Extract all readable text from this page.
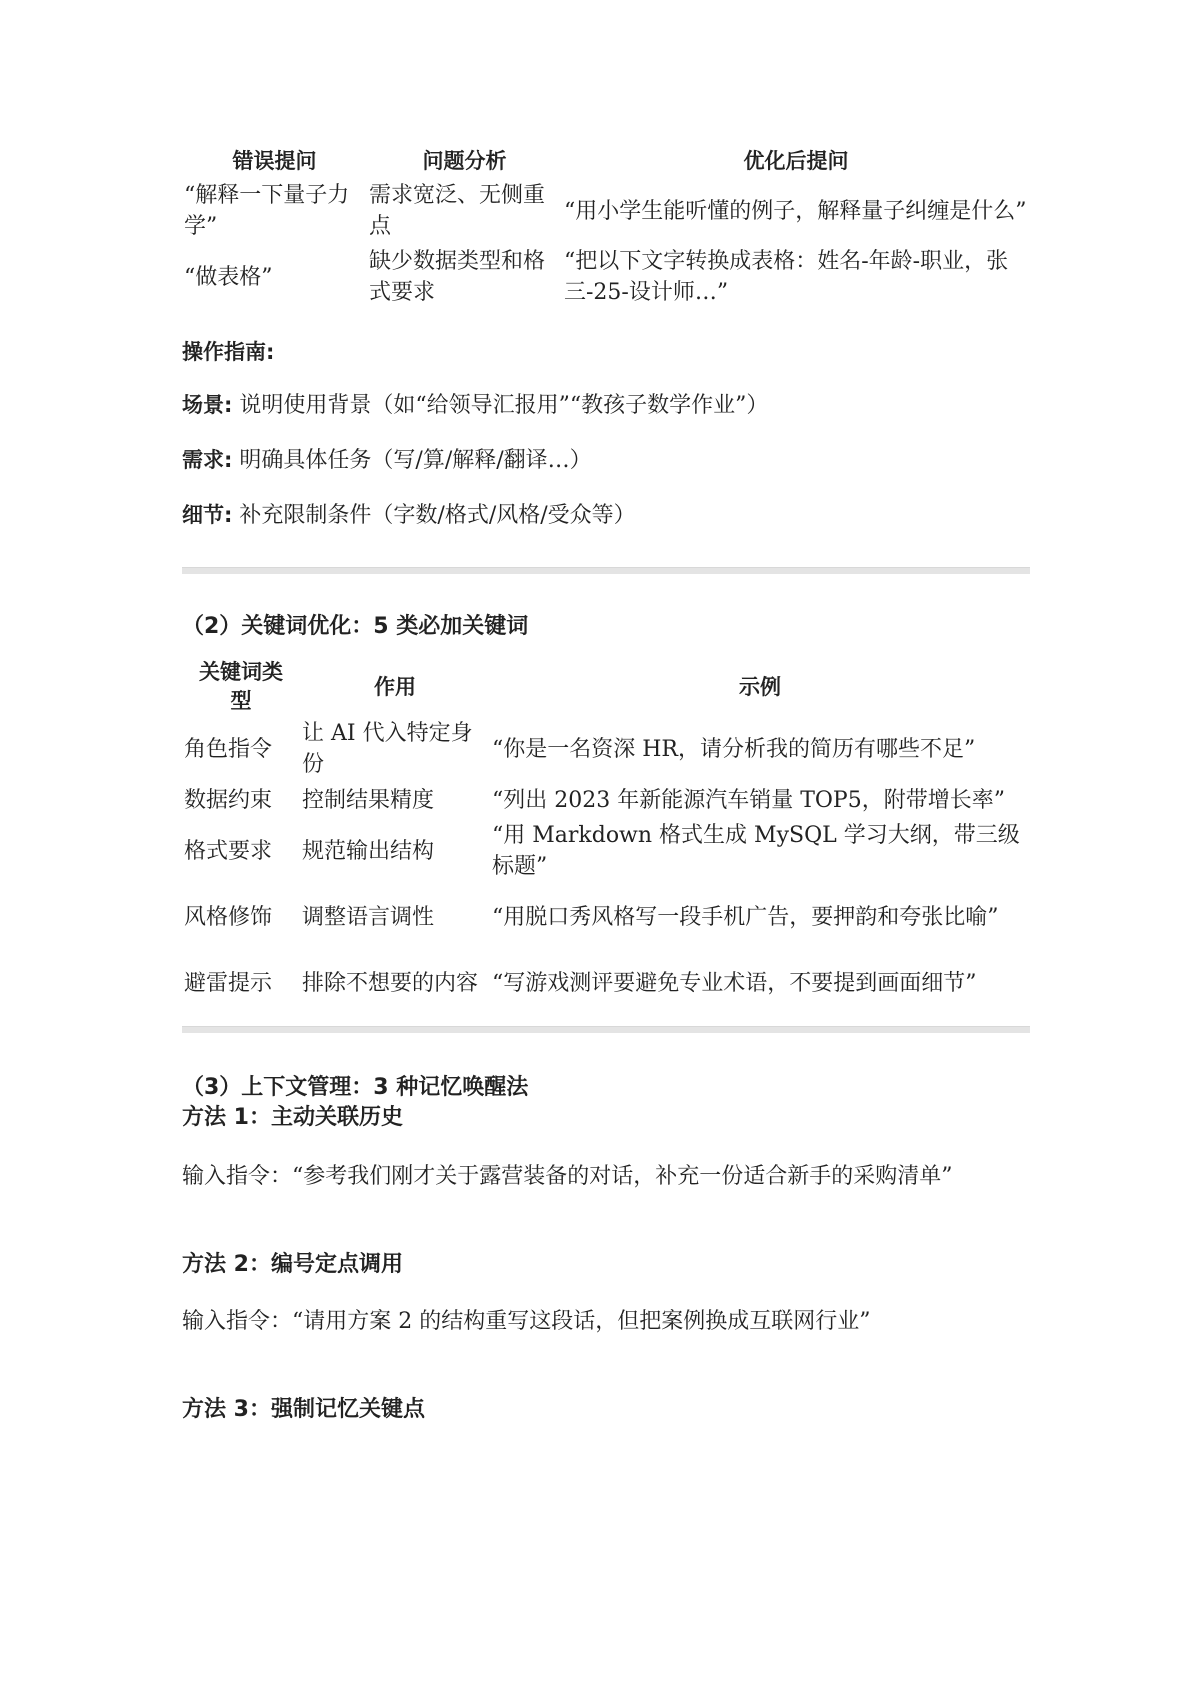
错误提问	问题分析	优化后提问
“解释一下量子力学”	需求宽泛、无侧重点	“用小学生能听懂的例子，解释量子纠缠是什么”
“做表格”	缺少数据类型和格式要求	“把以下文字转换成表格：姓名-年龄-职业，张三-25-设计师…”
操作指南:
场景: 说明使用背景（如“给领导汇报用”“教孩子数学作业”）
需求: 明确具体任务（写/算/解释/翻译…）
细节: 补充限制条件（字数/格式/风格/受众等）
（2）关键词优化：5 类必加关键词
关键词类型	作用	示例
角色指令	让 AI 代入特定身份	“你是一名资深 HR，请分析我的简历有哪些不足”
数据约束	控制结果精度	“列出 2023 年新能源汽车销量 TOP5，附带增长率”
格式要求	规范输出结构	“用 Markdown 格式生成 MySQL 学习大纲，带三级标题”
风格修饰	调整语言调性	“用脱口秀风格写一段手机广告，要押韵和夸张比喻”
避雷提示	排除不想要的内容	“写游戏测评要避免专业术语，不要提到画面细节”
（3）上下文管理：3 种记忆唤醒法
方法 1：主动关联历史
输入指令：“参考我们刚才关于露营装备的对话，补充一份适合新手的采购清单”
方法 2：编号定点调用
输入指令：“请用方案 2 的结构重写这段话，但把案例换成互联网行业”
方法 3：强制记忆关键点
